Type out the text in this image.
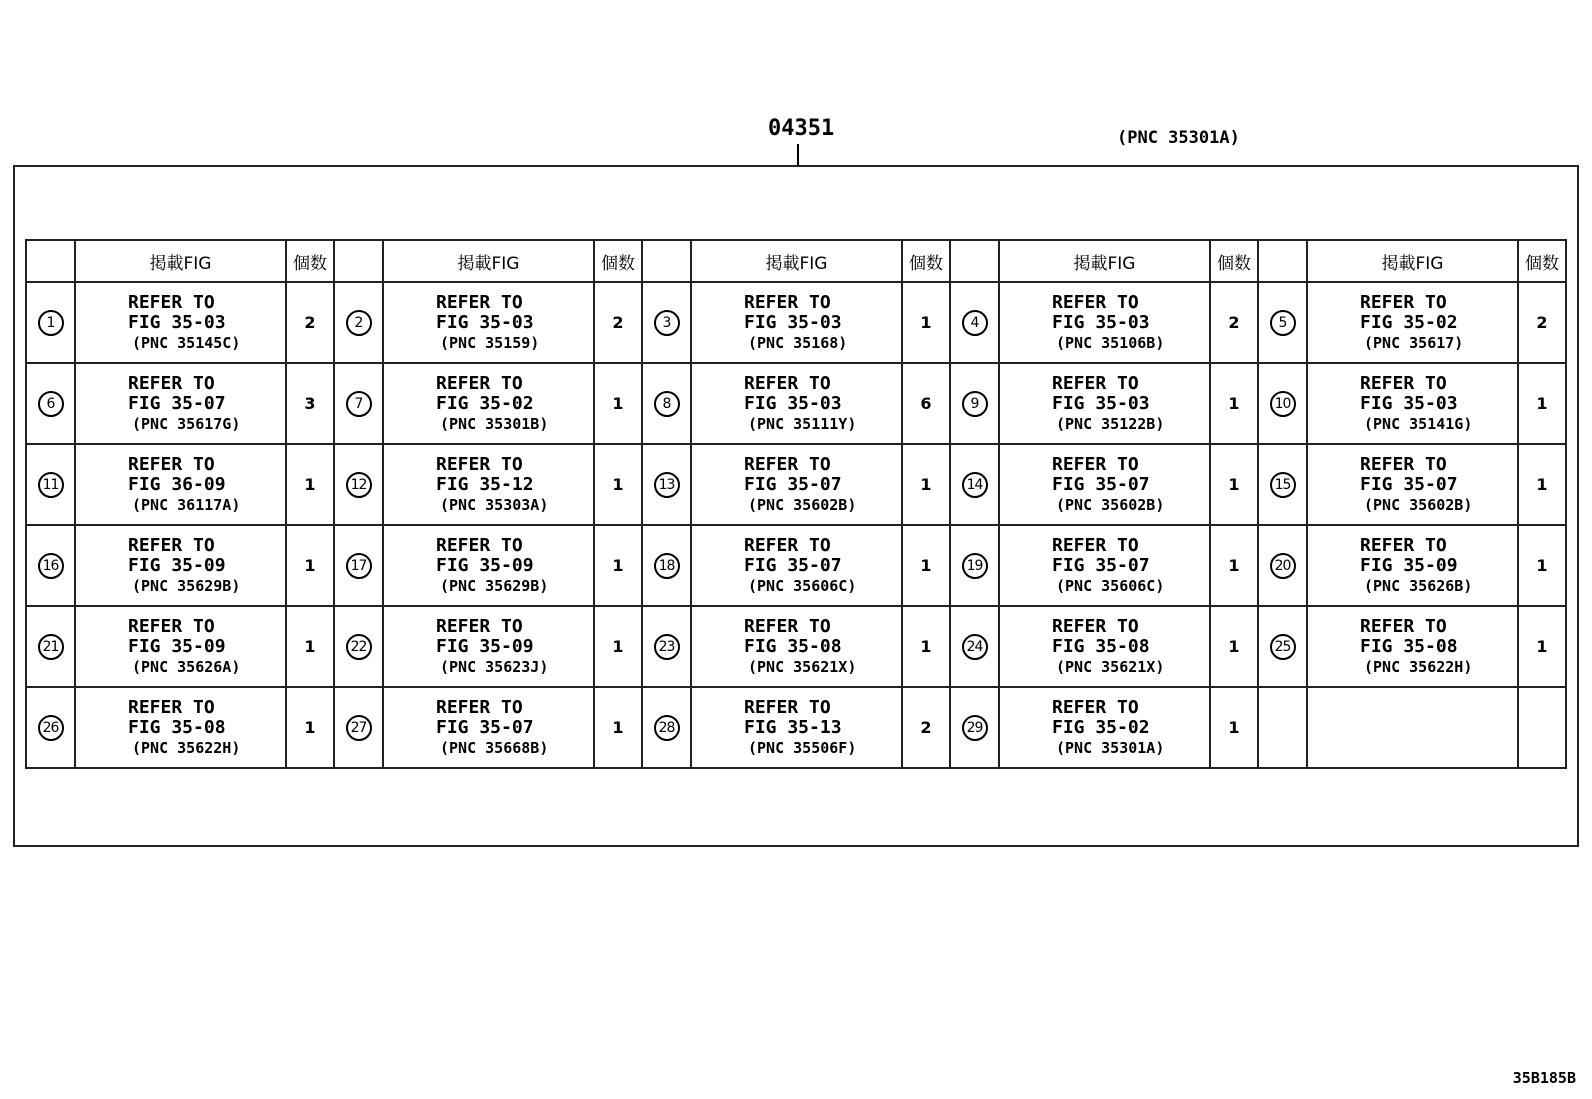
04351	(PNC 35301A)
	掲載FIG	個数		掲載FIG	個数		掲載FIG	個数		掲載FIG	個数		掲載FIG	個数
1	REFER TO
FIG 35-03
(PNC 35145C)	2	2	REFER TO
FIG 35-03
(PNC 35159)	2	3	REFER TO
FIG 35-03
(PNC 35168)	1	4	REFER TO
FIG 35-03
(PNC 35106B)	2	5	REFER TO
FIG 35-02
(PNC 35617)	2
6	REFER TO
FIG 35-07
(PNC 35617G)	3	7	REFER TO
FIG 35-02
(PNC 35301B)	1	8	REFER TO
FIG 35-03
(PNC 35111Y)	6	9	REFER TO
FIG 35-03
(PNC 35122B)	1	10	REFER TO
FIG 35-03
(PNC 35141G)	1
11	REFER TO
FIG 36-09
(PNC 36117A)	1	12	REFER TO
FIG 35-12
(PNC 35303A)	1	13	REFER TO
FIG 35-07
(PNC 35602B)	1	14	REFER TO
FIG 35-07
(PNC 35602B)	1	15	REFER TO
FIG 35-07
(PNC 35602B)	1
16	REFER TO
FIG 35-09
(PNC 35629B)	1	17	REFER TO
FIG 35-09
(PNC 35629B)	1	18	REFER TO
FIG 35-07
(PNC 35606C)	1	19	REFER TO
FIG 35-07
(PNC 35606C)	1	20	REFER TO
FIG 35-09
(PNC 35626B)	1
21	REFER TO
FIG 35-09
(PNC 35626A)	1	22	REFER TO
FIG 35-09
(PNC 35623J)	1	23	REFER TO
FIG 35-08
(PNC 35621X)	1	24	REFER TO
FIG 35-08
(PNC 35621X)	1	25	REFER TO
FIG 35-08
(PNC 35622H)	1
26	REFER TO
FIG 35-08
(PNC 35622H)	1	27	REFER TO
FIG 35-07
(PNC 35668B)	1	28	REFER TO
FIG 35-13
(PNC 35506F)	2	29	REFER TO
FIG 35-02
(PNC 35301A)	1			
35B185B
